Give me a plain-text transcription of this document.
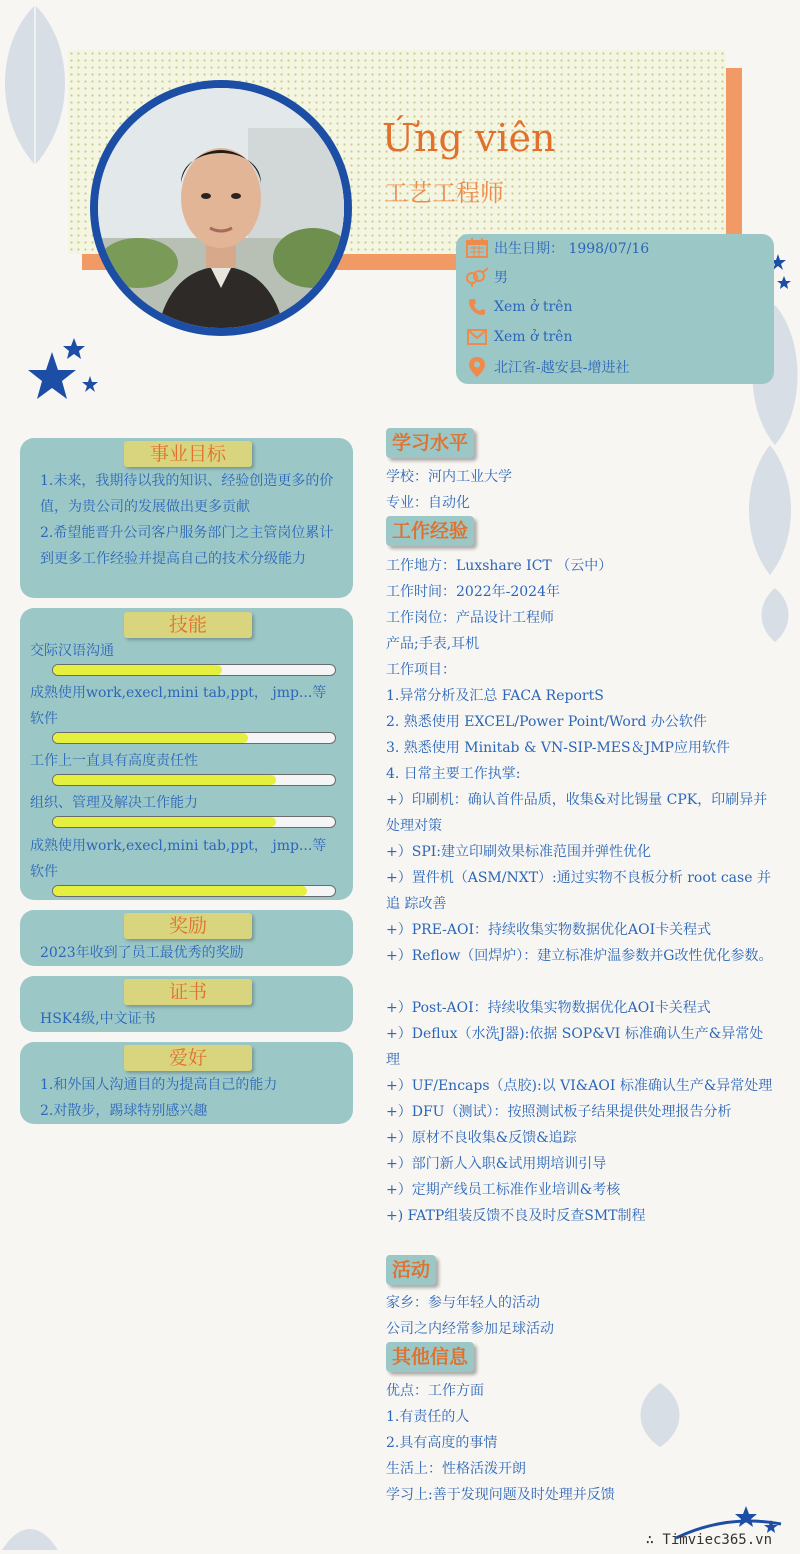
Ứng viên
工艺工程师
出生日期： 1998/07/16
男
Xem ở trên
Xem ở trên
北江省-越安县-增进社
事业目标
1.未来，我期待以我的知识、经验创造更多的价值，为贵公司的发展做出更多贡献
2.希望能晋升公司客户服务部门之主管岗位累计到更多工作经验并提高自己的技术分级能力
技能
交际汉语沟通
成熟使用work,execl,mini tab,ppt， jmp...等软件
工作上一直具有高度责任性
组织、管理及解决工作能力
成熟使用work,execl,mini tab,ppt， jmp...等软件
奖励
2023年收到了员工最优秀的奖励
证书
HSK4级,中文证书
爱好
1.和外国人沟通目的为提高自己的能力
2.对散步，踢球特别感兴趣
学习水平
学校：河内工业大学
专业：自动化
工作经验
工作地方：Luxshare ICT （云中）
工作时间：2022年-2024年
工作岗位：产品设计工程师
产品;手表,耳机
工作项目：
1.异常分析及汇总 FACA ReportS
2. 熟悉使用 EXCEL/Power Point/Word 办公软件
3. 熟悉使用 Minitab & VN-SIP-MES＆JMP应用软件
4. 日常主要工作执掌:
+）印刷机：确认首件品质，收集&对比锡量 CPK，印刷异并处理对策
+）SPI:建立印刷效果标准范围并弹性优化
+）置件机（ASM/NXT）:通过实物不良板分析 root case 并追 踪改善
+）PRE-AOI：持续收集实物数据优化AOI卡关程式
+）Reflow（回焊炉）：建立标准炉温参数并G改性优化参数。
+）Post-AOI：持续收集实物数据优化AOI卡关程式
+）Deflux（水洗J器):依据 SOP&VI 标准确认生产&异常处理
+）UF/Encaps（点胶):以 VI&AOI 标准确认生产&异常处理
+）DFU（测试）：按照测试板子结果提供处理报告分析
+）原材不良收集&反馈&追踪
+）部门新人入职&试用期培训引导
+）定期产线员工标准作业培训&考核
+) FATP组装反馈不良及时反查SMT制程
活动
家乡：参与年轻人的活动
公司之内经常参加足球活动
其他信息
优点：工作方面
1.有责任的人
2.具有高度的事情
生活上：性格活泼开朗
学习上:善于发现问题及时处理并反馈
∴ Timviec365.vn
